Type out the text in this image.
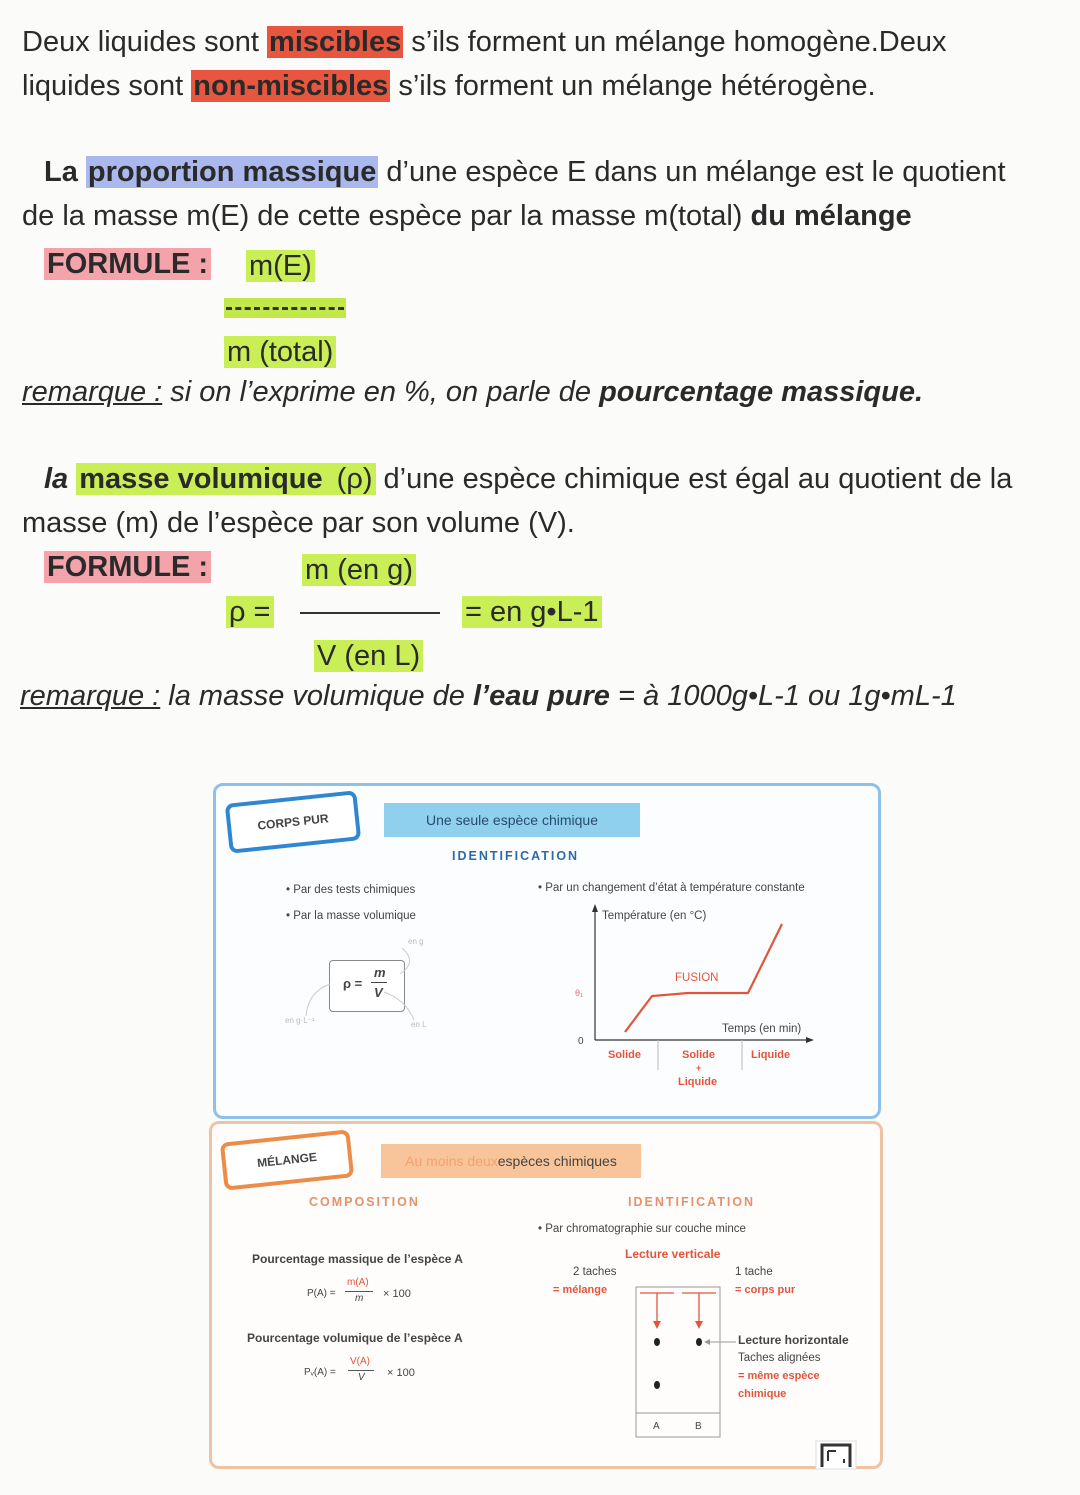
Deux liquides sont miscibles s’ils forment un mélange homogène.Deux
liquides sont non-miscibles s’ils forment un mélange hétérogène.
La proportion massique d’une espèce E dans un mélange est le quotient
de la masse m(E) de cette espèce par la masse m(total) du mélange
FORMULE : m(E)
m (total)
remarque : si on l’exprime en %, on parle de pourcentage massique.
la masse volumique (ρ) d’une espèce chimique est égal au quotient de la
masse (m) de l’espèce par son volume (V).
FORMULE :	m (en g)
ρ =	= en g•L-1
V (en L)
remarque : la masse volumique de l’eau pure = à 1000g•L-1 ou 1g•mL-1
CORPS PUR	Une seule espèce chimique
IDENTIFICATION
• Par des tests chimiques
• Par la masse volumique
ρ =
m
V
en g
en g·L⁻¹	en L
• Par un changement d’état à température constante
Température (en °C)
FUSION
θ₁
Temps (en min)
0
Solide	Solide
+
Liquide
Liquide
MÉLANGE	Au moins deux espèces chimiques
COMPOSITION	IDENTIFICATION
Pourcentage massique de l’espèce A
P(A) =
m(A)
m × 100
Pourcentage volumique de l’espèce A
Pᵥ(A) =
V(A)
V × 100
• Par chromatographie sur couche mince
Lecture verticale
2 taches
= mélange
1 tache
= corps pur
Lecture horizontale
Taches alignées
= même espèce
chimique
A	B
